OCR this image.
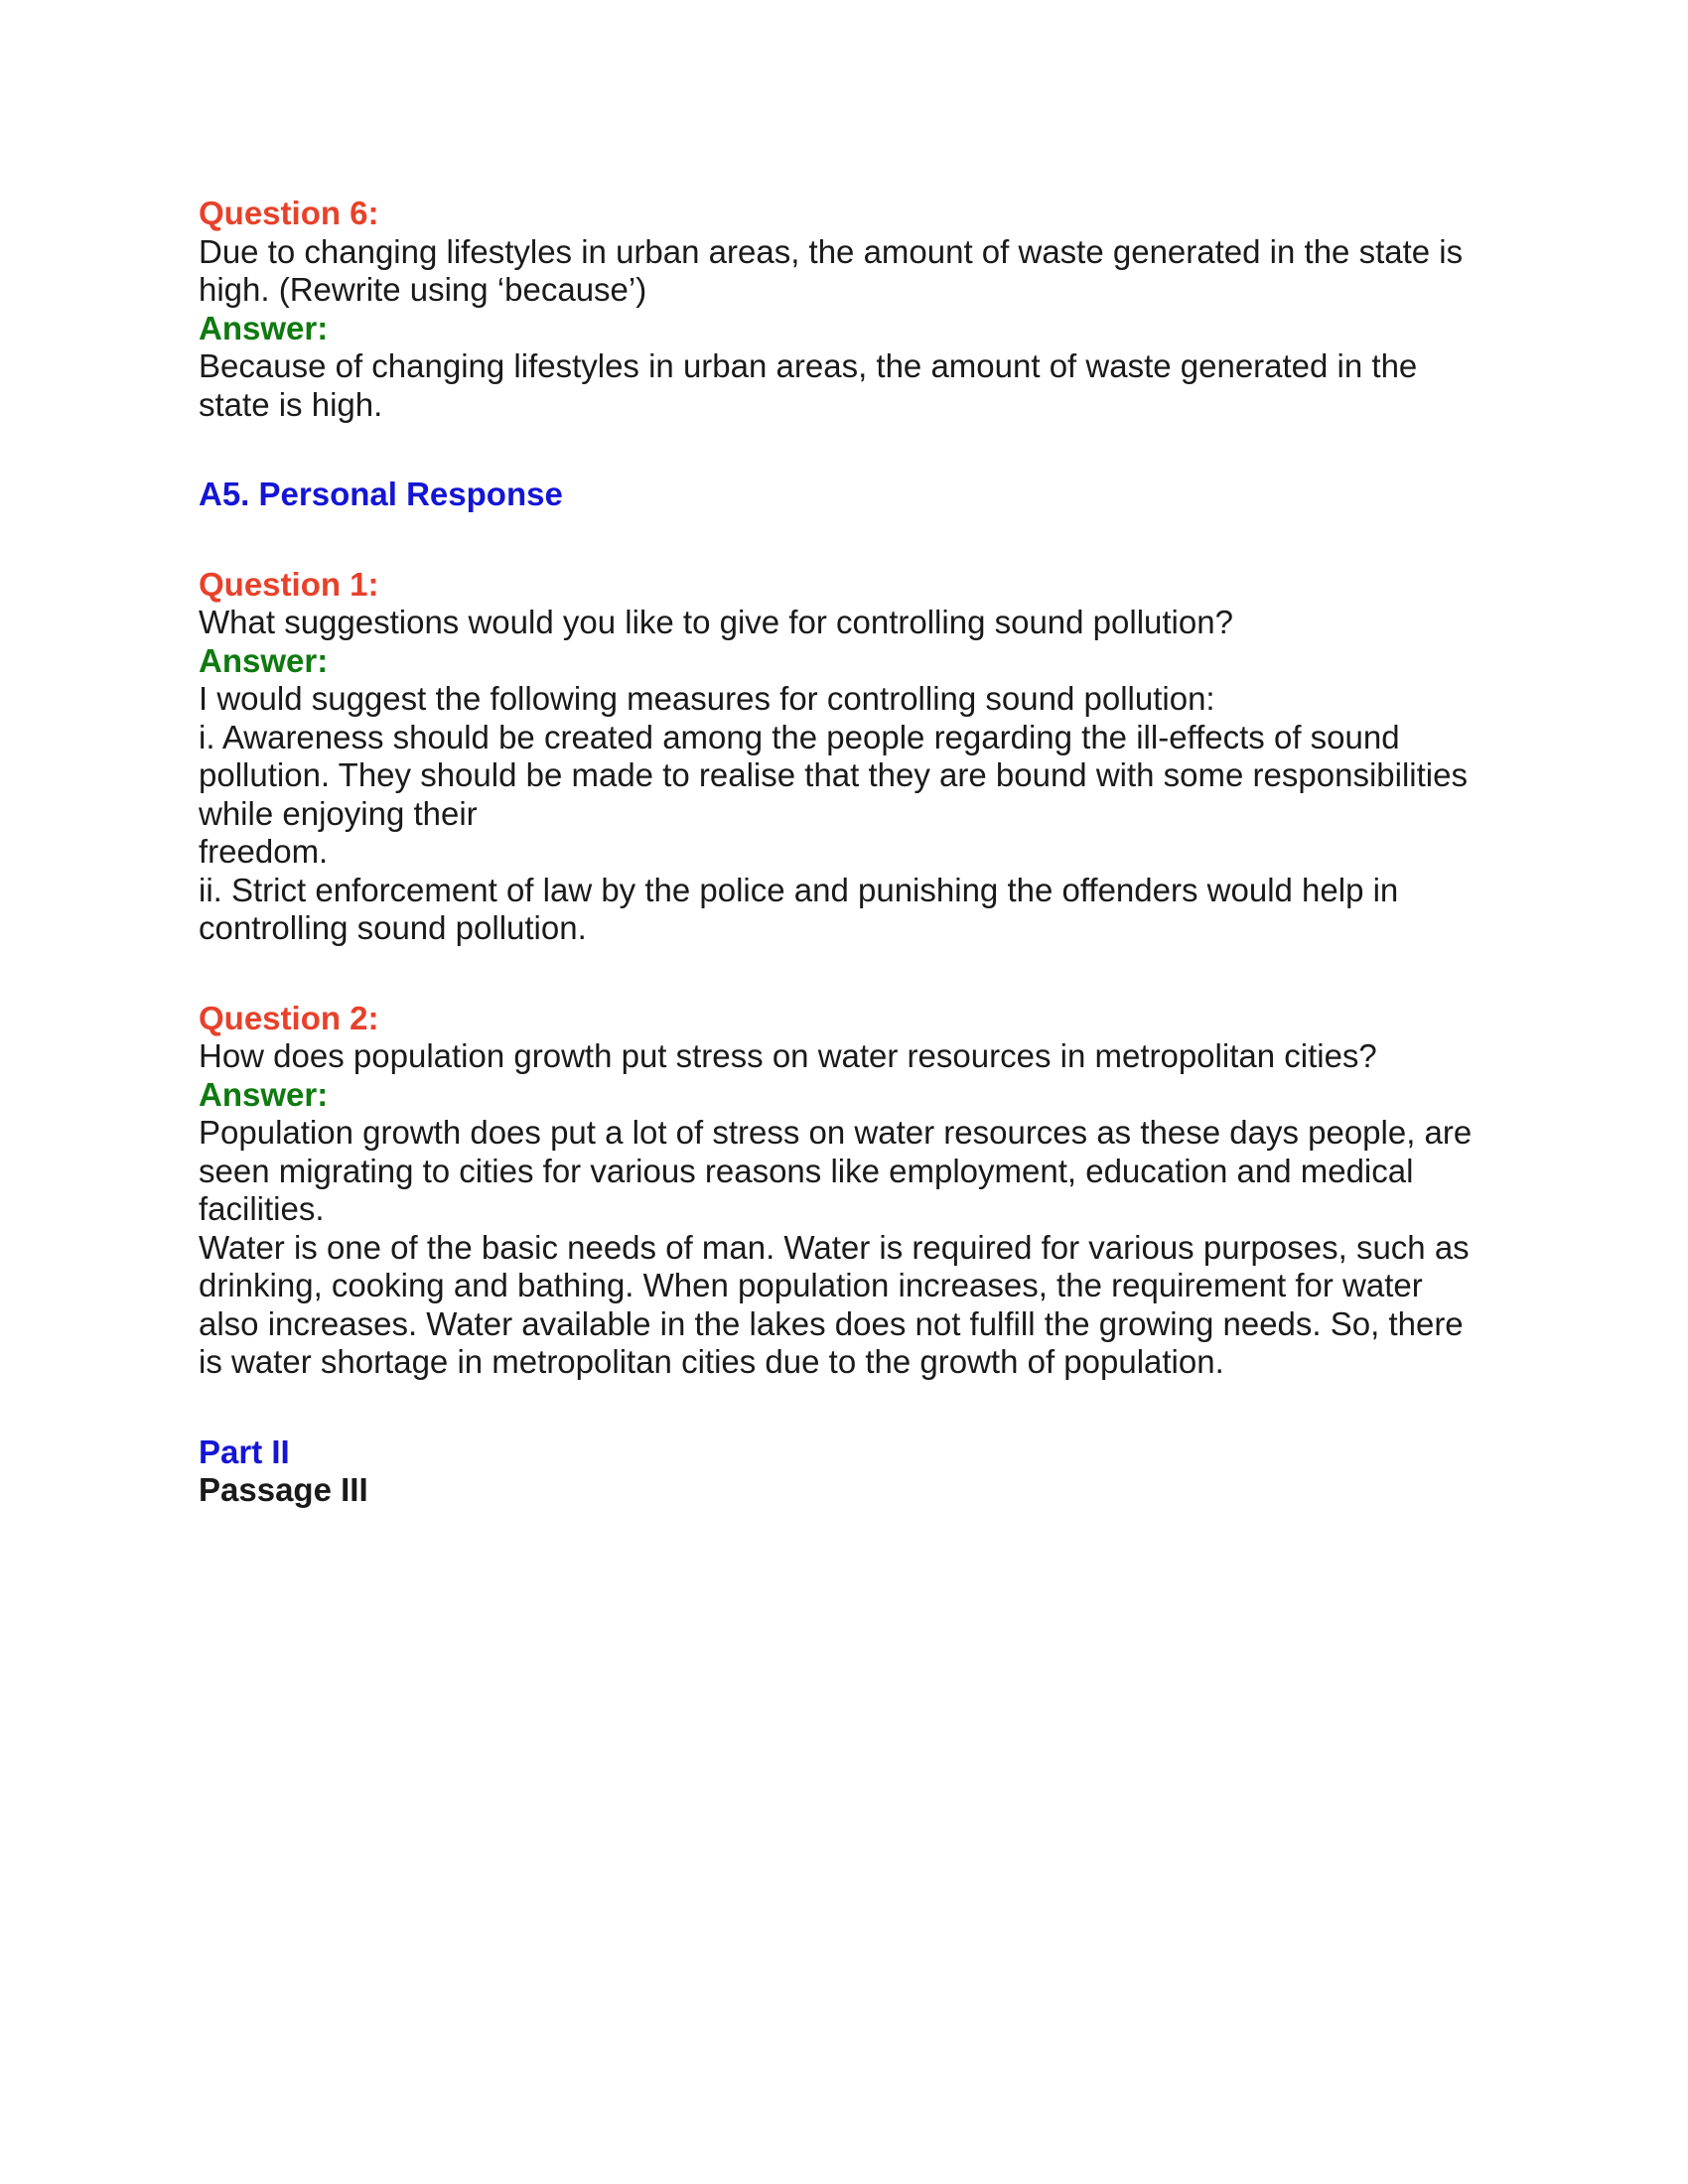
Question 6:
Due to changing lifestyles in urban areas, the amount of waste generated in the state is
high. (Rewrite using ‘because’)
Answer:
Because of changing lifestyles in urban areas, the amount of waste generated in the
state is high.
A5. Personal Response
Question 1:
What suggestions would you like to give for controlling sound pollution?
Answer:
I would suggest the following measures for controlling sound pollution:
i. Awareness should be created among the people regarding the ill-effects of sound
pollution. They should be made to realise that they are bound with some responsibilities
while enjoying their
freedom.
ii. Strict enforcement of law by the police and punishing the offenders would help in
controlling sound pollution.
Question 2:
How does population growth put stress on water resources in metropolitan cities?
Answer:
Population growth does put a lot of stress on water resources as these days people, are
seen migrating to cities for various reasons like employment, education and medical
facilities.
Water is one of the basic needs of man. Water is required for various purposes, such as
drinking, cooking and bathing. When population increases, the requirement for water
also increases. Water available in the lakes does not fulfill the growing needs. So, there
is water shortage in metropolitan cities due to the growth of population.
Part II
Passage III
